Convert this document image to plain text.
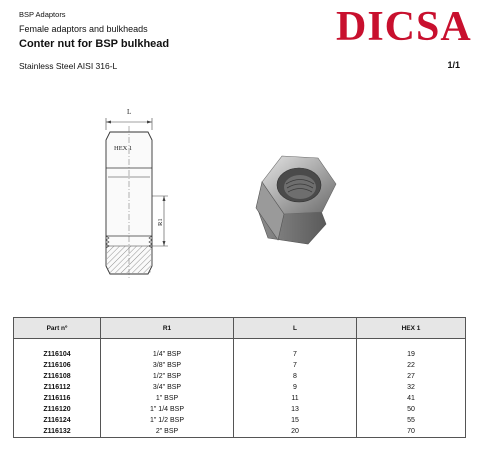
BSP Adaptors
Female adaptors and bulkheads
Conter nut for BSP bulkhead	DICSA
Stainless Steel AISI 316-L	1/1
L
HEX 1
R1
Part nº	R1	L	HEX 1

Z116104	1/4" BSP	7	19
Z116106	3/8" BSP	7	22
Z116108	1/2" BSP	8	27
Z116112	3/4" BSP	9	32
Z116116	1" BSP	11	41
Z116120	1" 1/4 BSP	13	50
Z116124	1" 1/2 BSP	15	55
Z116132	2" BSP	20	70
